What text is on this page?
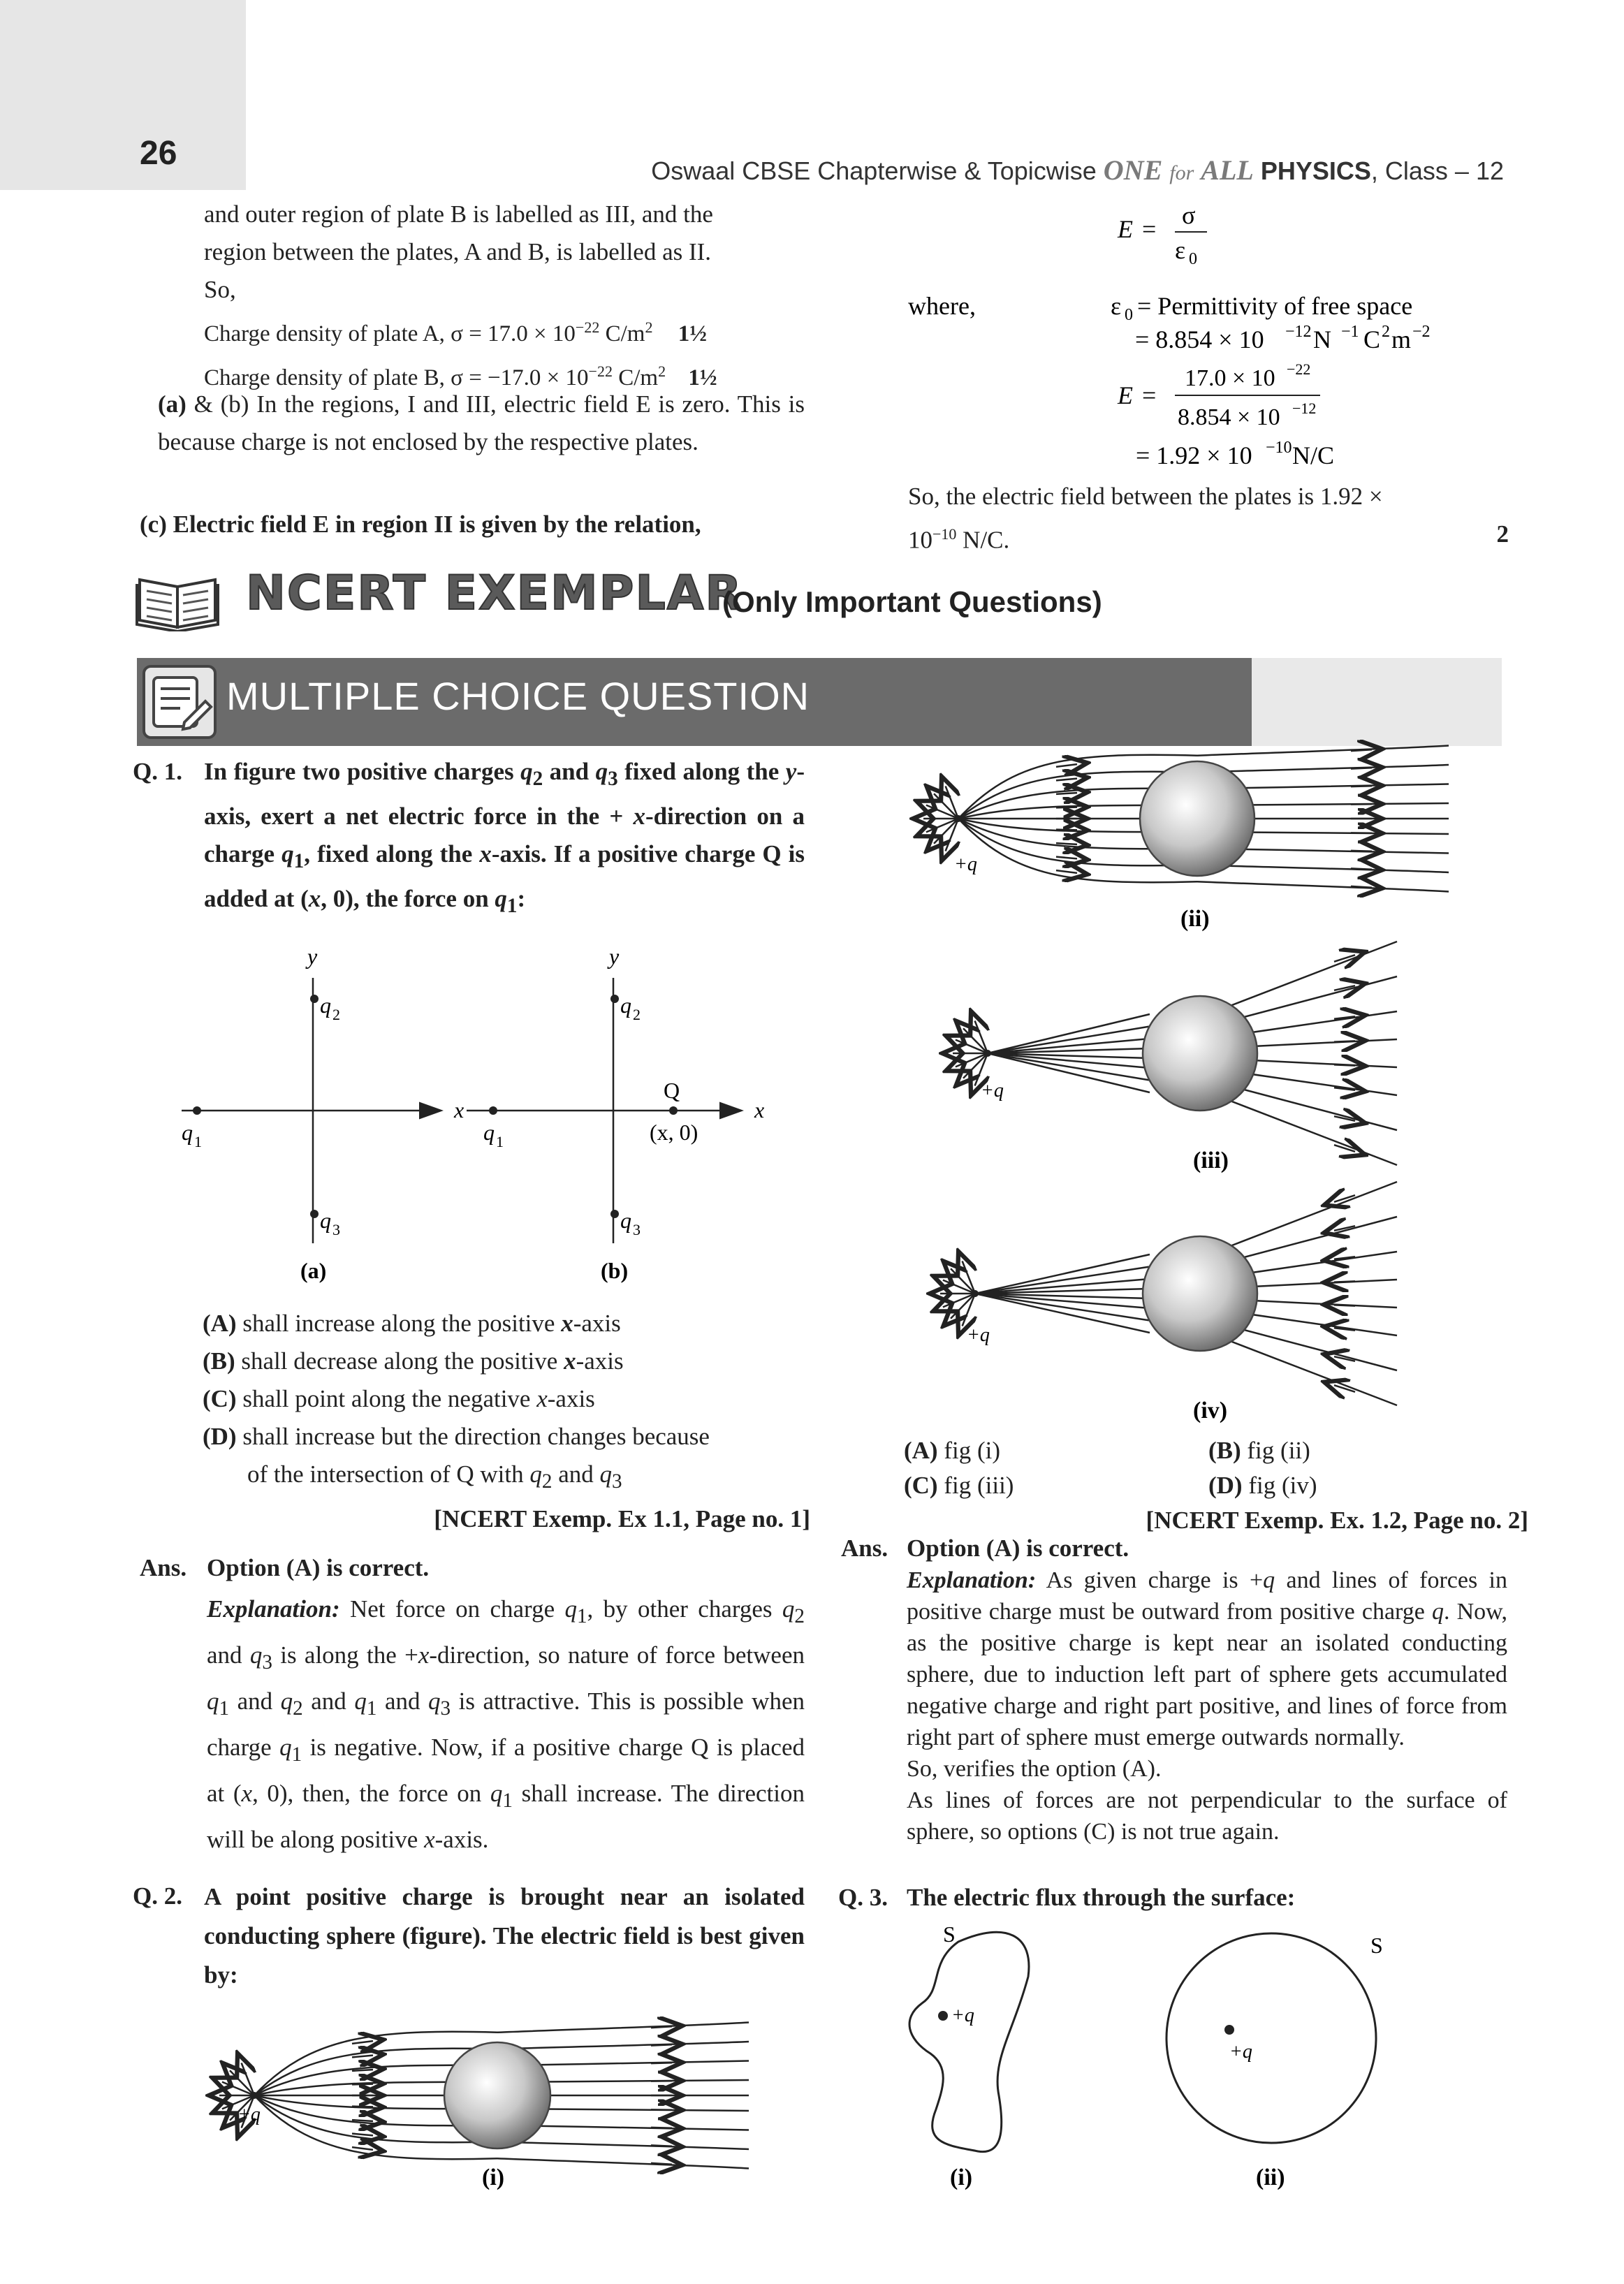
26	Oswaal CBSE Chapterwise & Topicwise ONE for ALL PHYSICS, Class – 12
and outer region of plate B is labelled as III, and the
region between the plates, A and B, is labelled as II.
So,
Charge density of plate A, $\sigma = 17.0 \times 10^{-22}$ $C/m^2$ 1½
Charge density of plate B, $\sigma = -17.0 \times 10^{-22}$ $C/m^2$ 1½
(a) & (b) In the regions, I and III, electric field E is zero. This is because charge is not enclosed by the respective plates.
(c) Electric field E in region II is given by the relation,
E = σ
ε 0
where,	ε 0 = Permittivity of free space
= 8.854 × 10 −12 N −1 C 2 m −2
E =
17.0 × 10 −22
8.854 × 10 −12
= 1.92 × 10 −10 N/C
So, the electric field between the plates is 1.92 ×
$10^{-10}$ N/C.	2
NCERT EXEMPLAR
(Only Important Questions)
MULTIPLE CHOICE QUESTION
Q. 1. In figure two positive charges $q_2$ and $q_3$ fixed along the y-axis, exert a net electric force in the + x-direction on a charge $q_1$, fixed along the x-axis. If a positive charge Q is added at (x, 0), the force on $q_1$:
y
q 2
q 3
q 1
x
(a)
y
q 2
q 3
q 1
Q
(x, 0)
x
(b)
(A) shall increase along the positive x-axis
(B) shall decrease along the positive x-axis
(C) shall point along the negative x-axis
(D) shall increase but the direction changes because
of the intersection of Q with $q_2$ and $q_3$
[NCERT Exemp. Ex 1.1, Page no. 1]
Ans. Option (A) is correct.
Explanation: Net force on charge $q_1$, by other charges $q_2$ and $q_3$ is along the +x-direction, so nature of force between $q_1$ and $q_2$ and $q_1$ and $q_3$ is attractive. This is possible when charge $q_1$ is negative. Now, if a positive charge Q is placed at (x, 0), then, the force on $q_1$ shall increase. The direction will be along positive x-axis.
Q. 2. A point positive charge is brought near an isolated conducting sphere (figure). The electric field is best given by:
(i)
(ii)
(iii)
(iv)
+q
+q
+q
+q
(A) fig (i)	(B) fig (ii)
(C) fig (iii)	(D) fig (iv)
[NCERT Exemp. Ex. 1.2, Page no. 2]
Ans. Option (A) is correct.
Explanation: As given charge is +q and lines of forces in positive charge must be outward from positive charge q. Now, as the positive charge is kept near an isolated conducting sphere, due to induction left part of sphere gets accumulated negative charge and right part positive, and lines of force from right part of sphere must emerge outwards normally.
So, verifies the option (A).
As lines of forces are not perpendicular to the surface of sphere, so options (C) is not true again.
Q. 3. The electric flux through the surface:
S
+q
(i)
S
+q
(ii)
